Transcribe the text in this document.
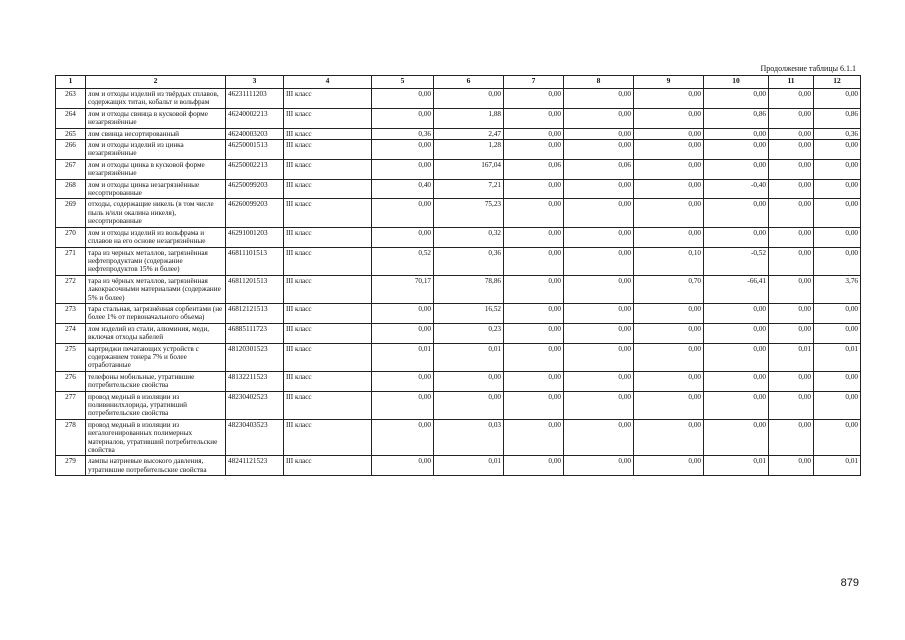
Продолжение таблицы 6.1.1
1	2	3	4	5	6	7	8	9	10	11	12
263	лом и отходы изделий из твёрдых сплавов, содержащих титан, кобальт и вольфрам	46231111203	III класс	0,00	0,00	0,00	0,00	0,00	0,00	0,00	0,00
264	лом и отходы свинца в кусковой форме незагрязнённые	46240002213	III класс	0,00	1,88	0,00	0,00	0,00	0,86	0,00	0,86
265	лом свинца несортированный	46240003203	III класс	0,36	2,47	0,00	0,00	0,00	0,00	0,00	0,36
266	лом и отходы изделий из цинка незагрязнённые	46250001513	III класс	0,00	1,28	0,00	0,00	0,00	0,00	0,00	0,00
267	лом и отходы цинка в кусковой форме незагрязнённые	46250002213	III класс	0,00	167,04	0,06	0,06	0,00	0,00	0,00	0,00
268	лом и отходы цинка незагрязнённые несортированные	46250099203	III класс	0,40	7,21	0,00	0,00	0,00	-0,40	0,00	0,00
269	отходы, содержащие никель (в том числе пыль и/или окалина никеля), несортированные	46260099203	III класс	0,00	75,23	0,00	0,00	0,00	0,00	0,00	0,00
270	лом и отходы изделий из вольфрама и сплавов на его основе незагрязнённые	46291001203	III класс	0,00	0,32	0,00	0,00	0,00	0,00	0,00	0,00
271	тара из черных металлов, загрязнённая нефтепродуктами (содержание нефтепродуктов 15% и более)	46811101513	III класс	0,52	0,36	0,00	0,00	0,10	-0,52	0,00	0,00
272	тара из чёрных металлов, загрязнённая лакокрасочными материалами (содержание 5% и более)	46811201513	III класс	70,17	78,86	0,00	0,00	0,70	-66,41	0,00	3,76
273	тара стальная, загрязнённая сорбентами (не более 1% от первоначального объема)	46812121513	III класс	0,00	16,52	0,00	0,00	0,00	0,00	0,00	0,00
274	лом изделий из стали, алюминия, меди, включая отходы кабелей	46885111723	III класс	0,00	0,23	0,00	0,00	0,00	0,00	0,00	0,00
275	картриджи печатающих устройств с содержанием тонера 7% и более отработанные	48120301523	III класс	0,01	0,01	0,00	0,00	0,00	0,00	0,01	0,01
276	телефоны мобильные, утратившие потребительские свойства	48132211523	III класс	0,00	0,00	0,00	0,00	0,00	0,00	0,00	0,00
277	провод медный в изоляции из поливинилхлорида, утративший потребительские свойства	48230402523	III класс	0,00	0,00	0,00	0,00	0,00	0,00	0,00	0,00
278	провод медный в изоляции из негалогенированных полимерных материалов, утративший потребительские свойства	48230403523	III класс	0,00	0,03	0,00	0,00	0,00	0,00	0,00	0,00
279	лампы натриевые высокого давления, утратившие потребительские свойства	48241121523	III класс	0,00	0,01	0,00	0,00	0,00	0,01	0,00	0,01
879
